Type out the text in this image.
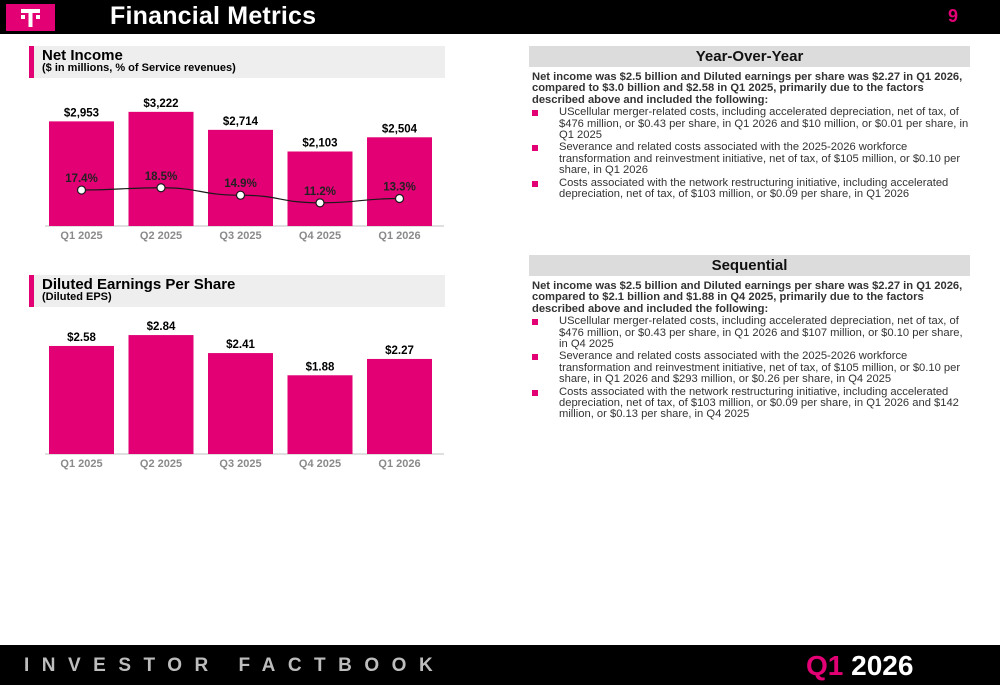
Financial Metrics	9
Net Income
($ in millions, % of Service revenues)
$2,953
Q1 2025
$3,222
Q2 2025
$2,714
Q3 2025
$2,103
Q4 2025
$2,504
Q1 2026
17.4%	18.5%
14.9%
11.2%	13.3%
Diluted Earnings Per Share
(Diluted EPS)
$2.58
Q1 2025
$2.84
Q2 2025
$2.41
Q3 2025
$1.88
Q4 2025
$2.27
Q1 2026
Year-Over-Year
Net income was $2.5 billion and Diluted earnings per share was $2.27 in Q1 2026, compared to $3.0 billion and $2.58 in Q1 2025, primarily due to the factors described above and included the following:
UScellular merger-related costs, including accelerated depreciation, net of tax, of $476 million, or $0.43 per share, in Q1 2026 and $10 million, or $0.01 per share, in Q1 2025
Severance and related costs associated with the 2025-2026 workforce transformation and reinvestment initiative, net of tax, of $105 million, or $0.10 per share, in Q1 2026
Costs associated with the network restructuring initiative, including accelerated depreciation, net of tax, of $103 million, or $0.09 per share, in Q1 2026
Sequential
Net income was $2.5 billion and Diluted earnings per share was $2.27 in Q1 2026, compared to $2.1 billion and $1.88 in Q4 2025, primarily due to the factors described above and included the following:
UScellular merger-related costs, including accelerated depreciation, net of tax, of $476 million, or $0.43 per share, in Q1 2026 and $107 million, or $0.10 per share, in Q4 2025
Severance and related costs associated with the 2025-2026 workforce transformation and reinvestment initiative, net of tax, of $105 million, or $0.10 per share, in Q1 2026 and $293 million, or $0.26 per share, in Q4 2025
Costs associated with the network restructuring initiative, including accelerated depreciation, net of tax, of $103 million, or $0.09 per share, in Q1 2026 and $142 million, or $0.13 per share, in Q4 2025
INVESTOR FACTBOOK	Q1 2026
